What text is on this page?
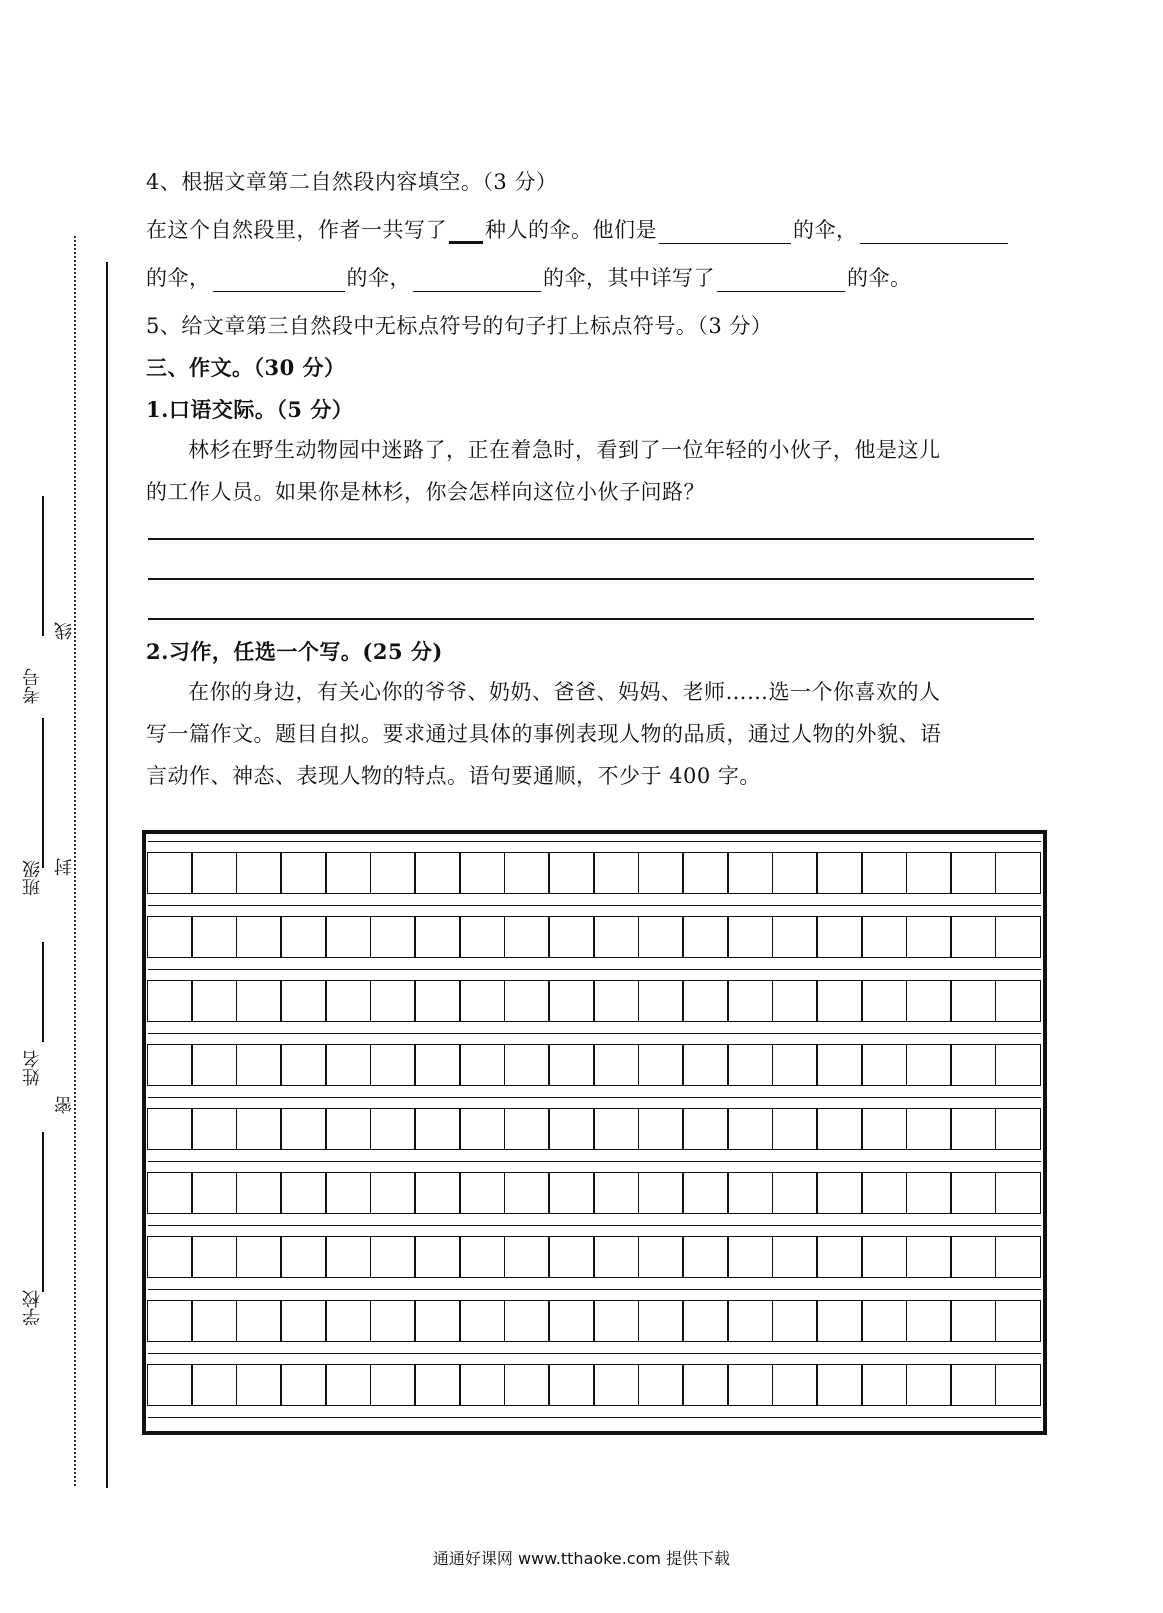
考号
线
班级 封
姓名
密
学校
4、根据文章第二自然段内容填空。（3 分）
在这个自然段里，作者一共写了 种人的伞。他们是	的伞，
的伞，	的伞，	的伞，其中详写了	的伞。
5、给文章第三自然段中无标点符号的句子打上标点符号。（3 分）
三、作文。（30 分）
1.口语交际。（5 分）
林杉在野生动物园中迷路了，正在着急时，看到了一位年轻的小伙子，他是这儿
的工作人员。如果你是林杉，你会怎样向这位小伙子问路？
2.习作，任选一个写。(25 分)
在你的身边，有关心你的爷爷、奶奶、爸爸、妈妈、老师……选一个你喜欢的人
写一篇作文。题目自拟。要求通过具体的事例表现人物的品质，通过人物的外貌、语
言动作、神态、表现人物的特点。语句要通顺，不少于 400 字。
通通好课网 www.tthaoke.com 提供下载
